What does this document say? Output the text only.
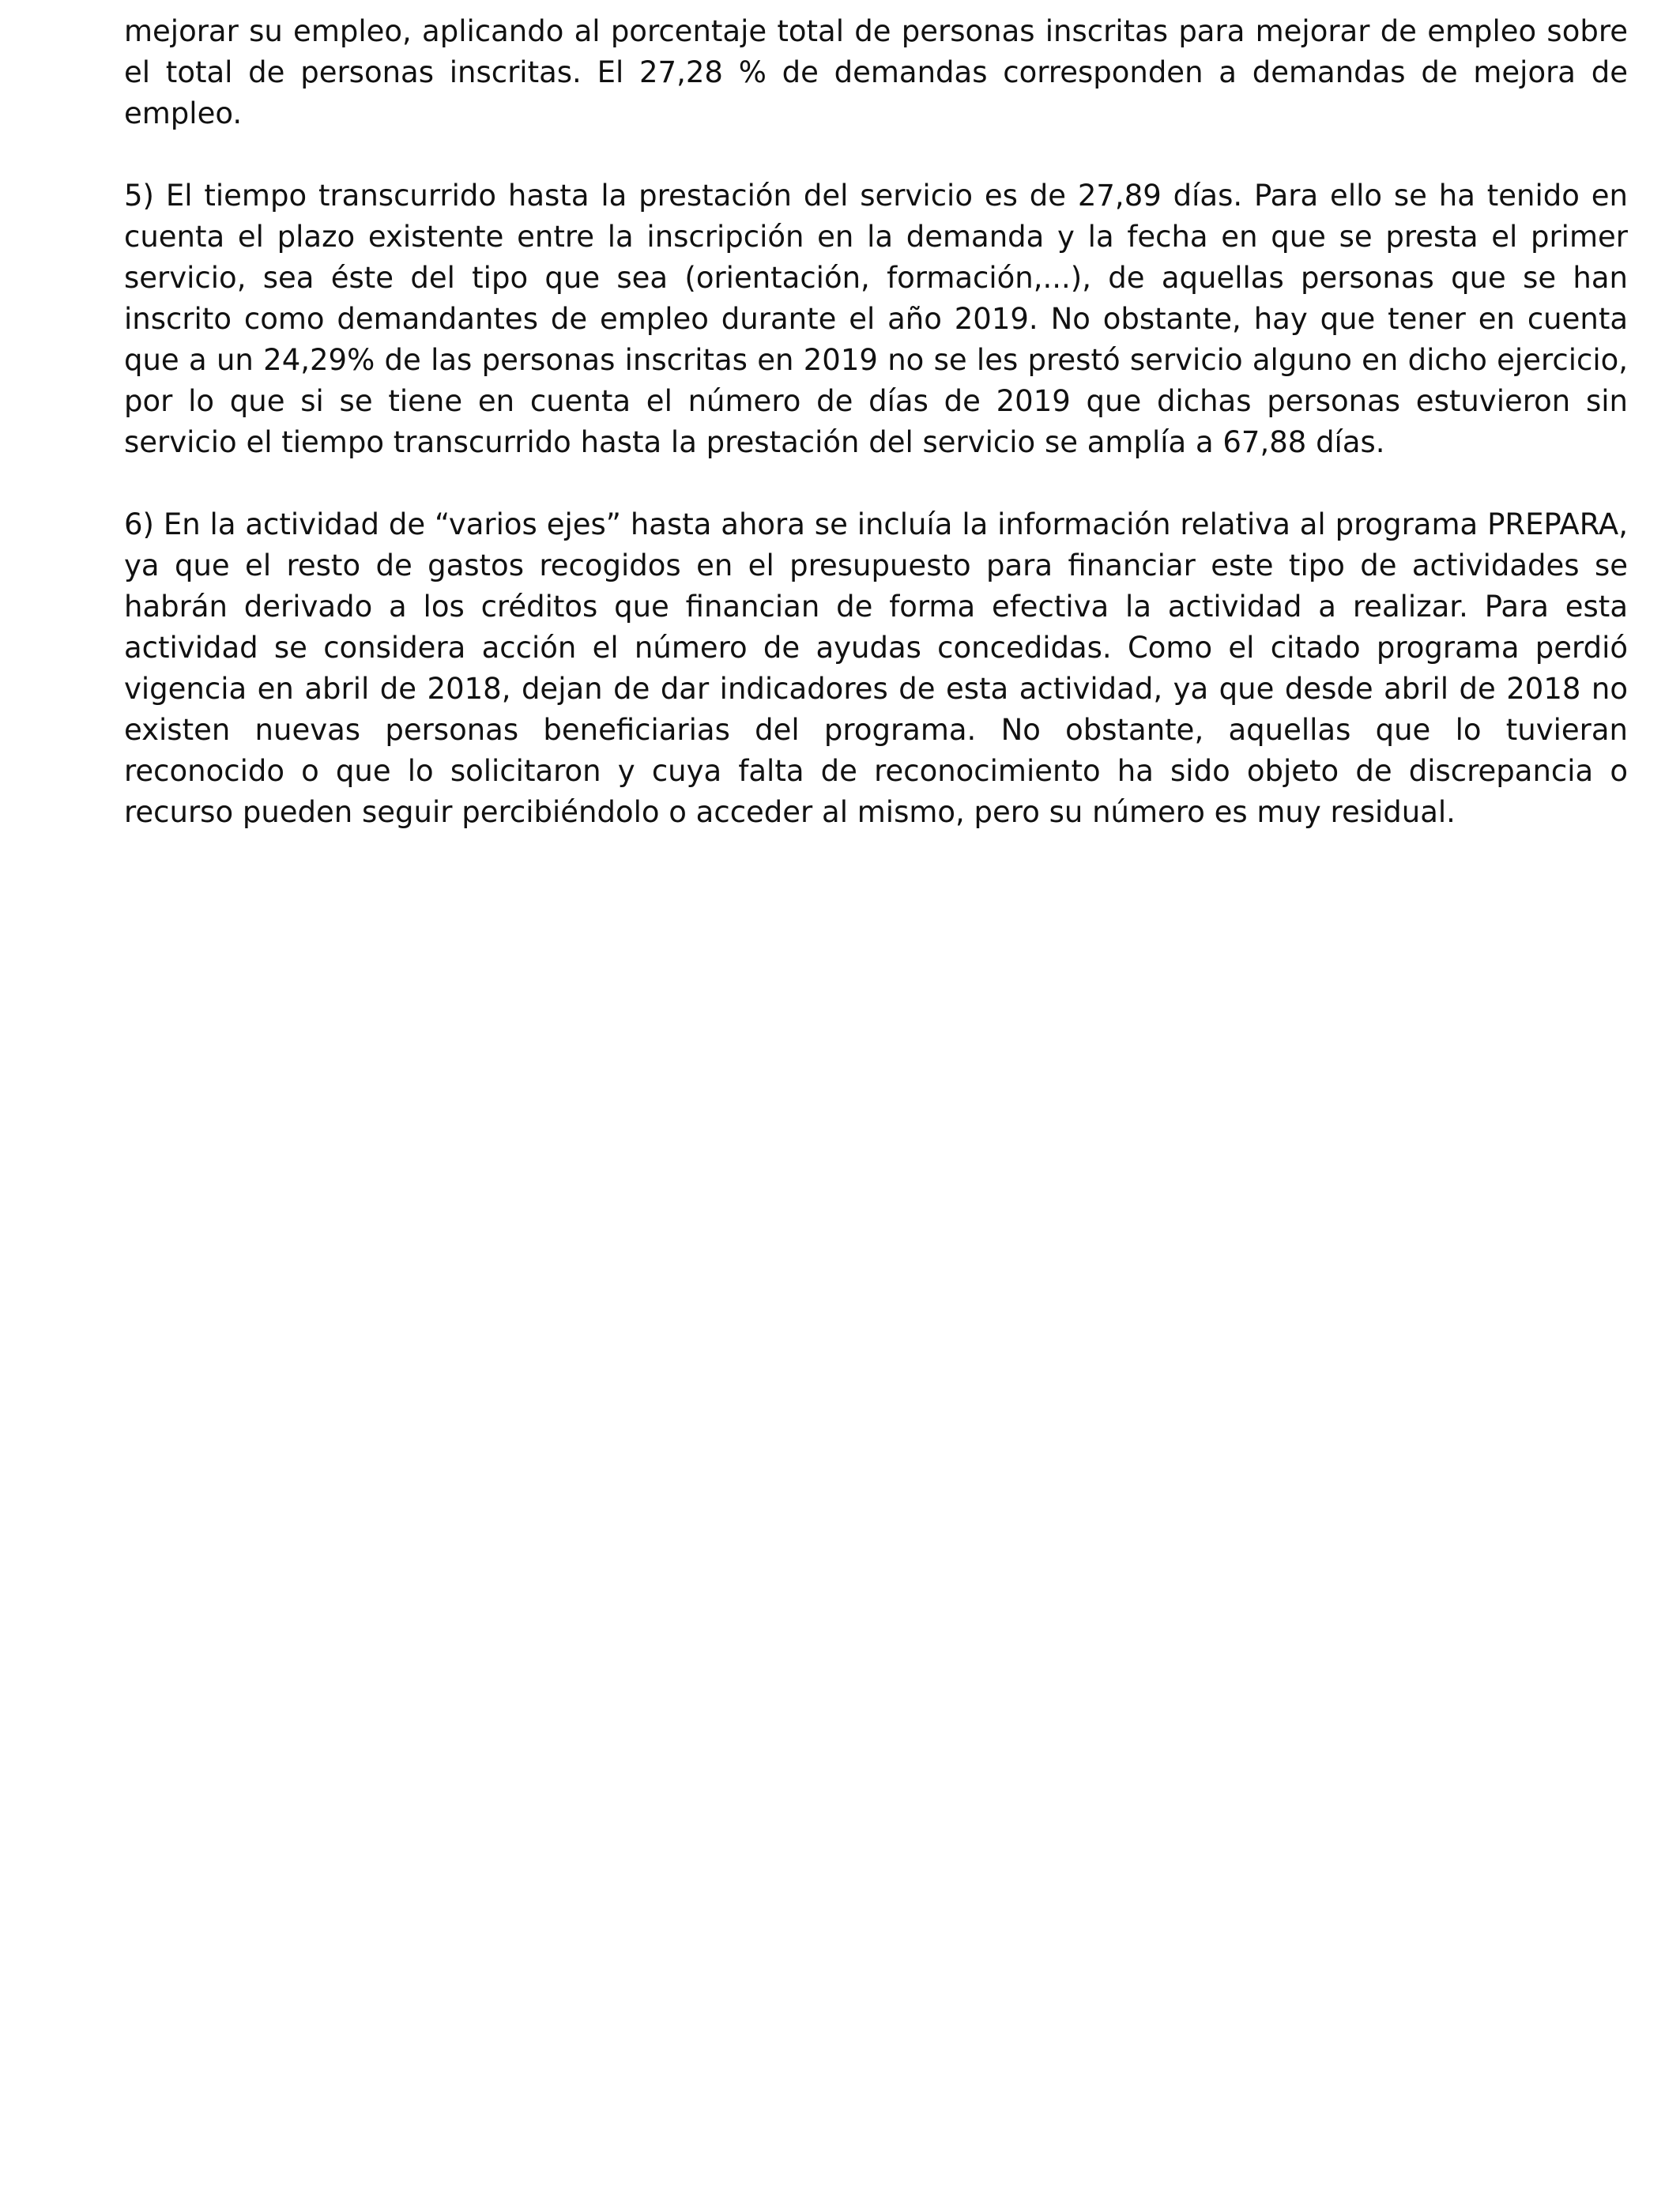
mejorar su empleo, aplicando al porcentaje total de personas inscritas para mejorar de empleo sobre el total de personas inscritas. El 27,28 % de demandas corresponden a demandas de mejora de empleo.

5) El tiempo transcurrido hasta la prestación del servicio es de 27,89 días. Para ello se ha tenido en cuenta el plazo existente entre la inscripción en la demanda y la fecha en que se presta el primer servicio, sea éste del tipo que sea (orientación, formación,...), de aquellas personas que se han inscrito como demandantes de empleo durante el año 2019. No obstante, hay que tener en cuenta que a un 24,29% de las personas inscritas en 2019 no se les prestó servicio alguno en dicho ejercicio, por lo que si se tiene en cuenta el número de días de 2019 que dichas personas estuvieron sin servicio el tiempo transcurrido hasta la prestación del servicio se amplía a 67,88 días.

6) En la actividad de “varios ejes” hasta ahora se incluía la información relativa al programa PREPARA, ya que el resto de gastos recogidos en el presupuesto para financiar este tipo de actividades se habrán derivado a los créditos que financian de forma efectiva la actividad a realizar. Para esta actividad se considera acción el número de ayudas concedidas. Como el citado programa perdió vigencia en abril de 2018, dejan de dar indicadores de esta actividad, ya que desde abril de 2018 no existen nuevas personas beneficiarias del programa. No obstante, aquellas que lo tuvieran reconocido o que lo solicitaron y cuya falta de reconocimiento ha sido objeto de discrepancia o recurso pueden seguir percibiéndolo o acceder al mismo, pero su número es muy residual.
